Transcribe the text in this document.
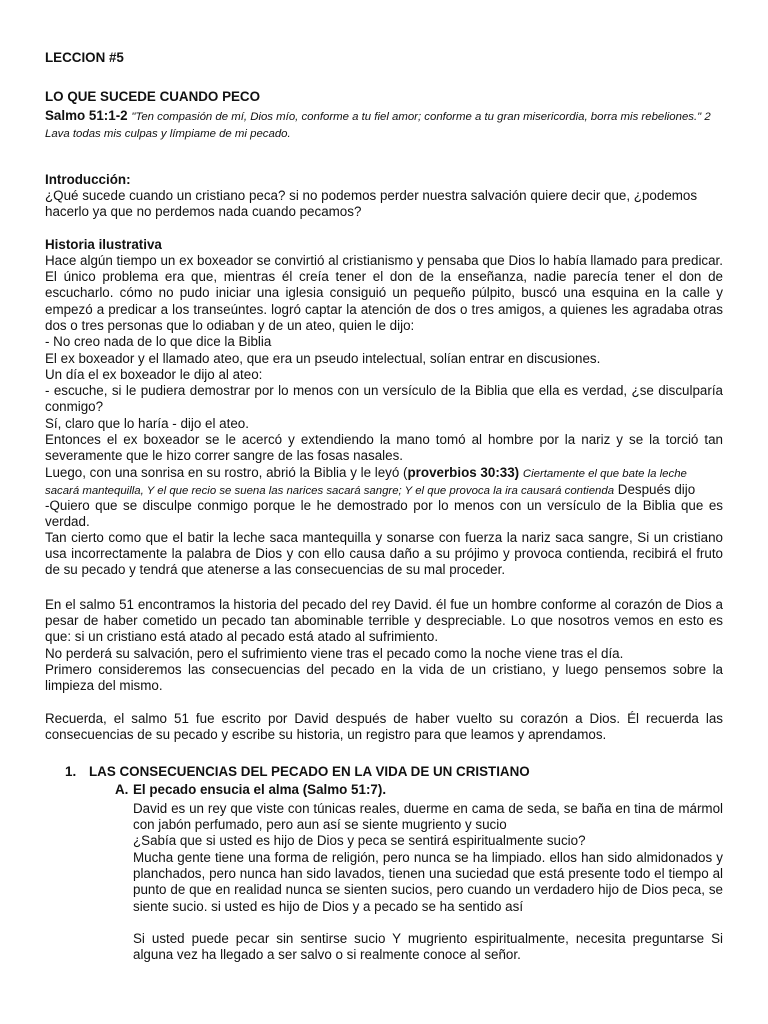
LECCION #5

LO QUE SUCEDE CUANDO PECO

Salmo 51:1-2 "Ten compasión de mí, Dios mío, conforme a tu fiel amor; conforme a tu gran misericordia, borra mis rebeliones." 2
Lava todas mis culpas y límpiame de mi pecado.

Introducción:

¿Qué sucede cuando un cristiano peca? si no podemos perder nuestra salvación quiere decir que, ¿podemos hacerlo ya que no perdemos nada cuando pecamos?

Historia ilustrativa

Hace algún tiempo un ex boxeador se convirtió al cristianismo y pensaba que Dios lo había llamado para predicar. El único problema era que, mientras él creía tener el don de la enseñanza, nadie parecía tener el don de escucharlo. cómo no pudo iniciar una iglesia consiguió un pequeño púlpito, buscó una esquina en la calle y empezó a predicar a los transeúntes. logró captar la atención de dos o tres amigos, a quienes les agradaba otras dos o tres personas que lo odiaban y de un ateo, quien le dijo:

- No creo nada de lo que dice la Biblia

El ex boxeador y el llamado ateo, que era un pseudo intelectual, solían entrar en discusiones.

Un día el ex boxeador le dijo al ateo:

- escuche, si le pudiera demostrar por lo menos con un versículo de la Biblia que ella es verdad, ¿se disculparía conmigo?

Sí, claro que lo haría - dijo el ateo.

Entonces el ex boxeador se le acercó y extendiendo la mano tomó al hombre por la nariz y se la torció tan severamente que le hizo correr sangre de las fosas nasales.

Luego, con una sonrisa en su rostro, abrió la Biblia y le leyó (proverbios 30:33) Ciertamente el que bate la leche sacará mantequilla, Y el que recio se suena las narices sacará sangre; Y el que provoca la ira causará contienda Después dijo

-Quiero que se disculpe conmigo porque le he demostrado por lo menos con un versículo de la Biblia que es verdad.

Tan cierto como que el batir la leche saca mantequilla y sonarse con fuerza la nariz saca sangre, Si un cristiano usa incorrectamente la palabra de Dios y con ello causa daño a su prójimo y provoca contienda, recibirá el fruto de su pecado y tendrá que atenerse a las consecuencias de su mal proceder.

En el salmo 51 encontramos la historia del pecado del rey David. él fue un hombre conforme al corazón de Dios a pesar de haber cometido un pecado tan abominable terrible y despreciable. Lo que nosotros vemos en esto es que: si un cristiano está atado al pecado está atado al sufrimiento.

No perderá su salvación, pero el sufrimiento viene tras el pecado como la noche viene tras el día.

Primero consideremos las consecuencias del pecado en la vida de un cristiano, y luego pensemos sobre la limpieza del mismo.

Recuerda, el salmo 51 fue escrito por David después de haber vuelto su corazón a Dios. Él recuerda las consecuencias de su pecado y escribe su historia, un registro para que leamos y aprendamos.

1. LAS CONSECUENCIAS DEL PECADO EN LA VIDA DE UN CRISTIANO

A. El pecado ensucia el alma (Salmo 51:7).

David es un rey que viste con túnicas reales, duerme en cama de seda, se baña en tina de mármol con jabón perfumado, pero aun así se siente mugriento y sucio

¿Sabía que si usted es hijo de Dios y peca se sentirá espiritualmente sucio?

Mucha gente tiene una forma de religión, pero nunca se ha limpiado. ellos han sido almidonados y planchados, pero nunca han sido lavados, tienen una suciedad que está presente todo el tiempo al punto de que en realidad nunca se sienten sucios, pero cuando un verdadero hijo de Dios peca, se siente sucio. si usted es hijo de Dios y a pecado se ha sentido así

Si usted puede pecar sin sentirse sucio Y mugriento espiritualmente, necesita preguntarse Si alguna vez ha llegado a ser salvo o si realmente conoce al señor.
